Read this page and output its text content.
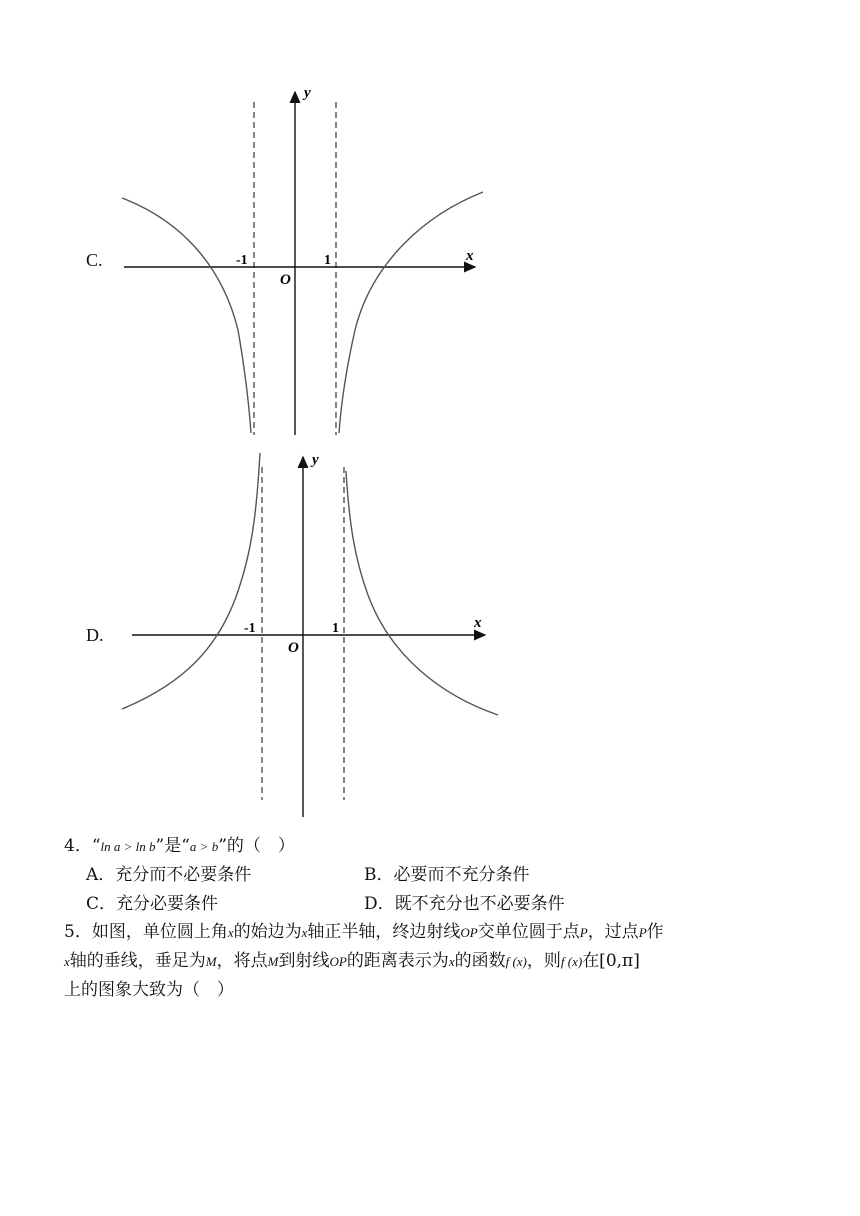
C.
y
x
-1	1
O
D.
y
x
-1	1
O
4．“ln a > ln b”是“a > b”的（　）
A．充分而不必要条件	B．必要而不充分条件
C．充分必要条件	D．既不充分也不必要条件
5．如图，单位圆上角x的始边为x轴正半轴，终边射线OP交单位圆于点P，过点P作
x轴的垂线，垂足为M，将点M到射线OP的距离表示为x的函数f (x)，则f (x)在[0,π]
上的图象大致为（　）
